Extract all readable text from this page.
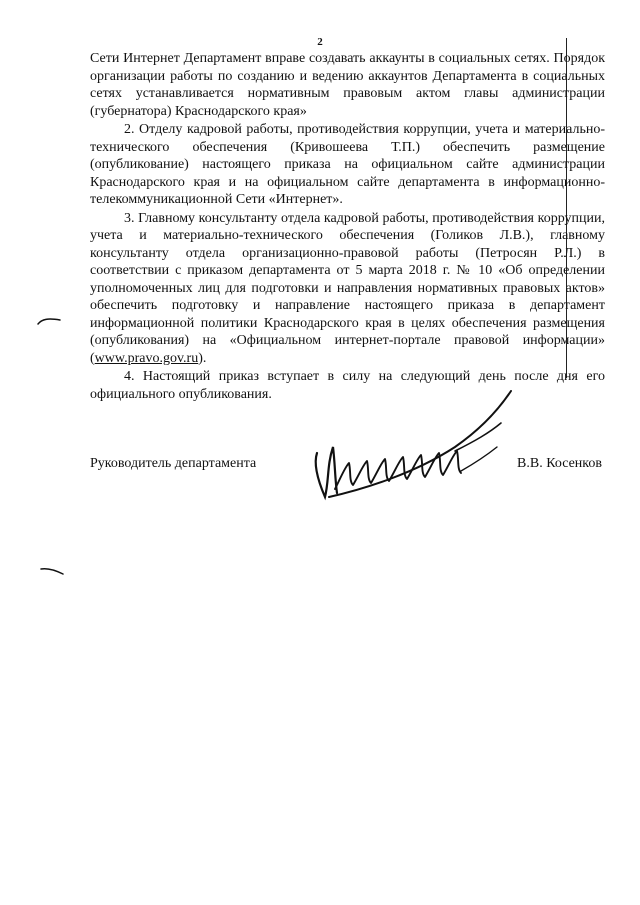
2

Сети Интернет Департамент вправе создавать аккаунты в социальных сетях. Порядок организации работы по созданию и ведению аккаунтов Департамента в социальных сетях устанавливается нормативным правовым актом главы администрации (губернатора) Краснодарского края»

2. Отделу кадровой работы, противодействия коррупции, учета и материально-технического обеспечения (Кривошеева Т.П.) обеспечить размещение (опубликование) настоящего приказа на официальном сайте администрации Краснодарского края и на официальном сайте департамента в информационно-телекоммуникационной Сети «Интернет».

3. Главному консультанту отдела кадровой работы, противодействия коррупции, учета и материально-технического обеспечения (Голиков Л.В.), главному консультанту отдела организационно-правовой работы (Петросян Р.Л.) в соответствии с приказом департамента от 5 марта 2018 г. № 10 «Об определении уполномоченных лиц для подготовки и направления нормативных правовых актов» обеспечить подготовку и направление настоящего приказа в департамент информационной политики Краснодарского края в целях обеспечения размещения (опубликования) на «Официальном интернет-портале правовой информации» (www.pravo.gov.ru).

4. Настоящий приказ вступает в силу на следующий день после дня его официального опубликования.

Руководитель департамента	В.В. Косенков
